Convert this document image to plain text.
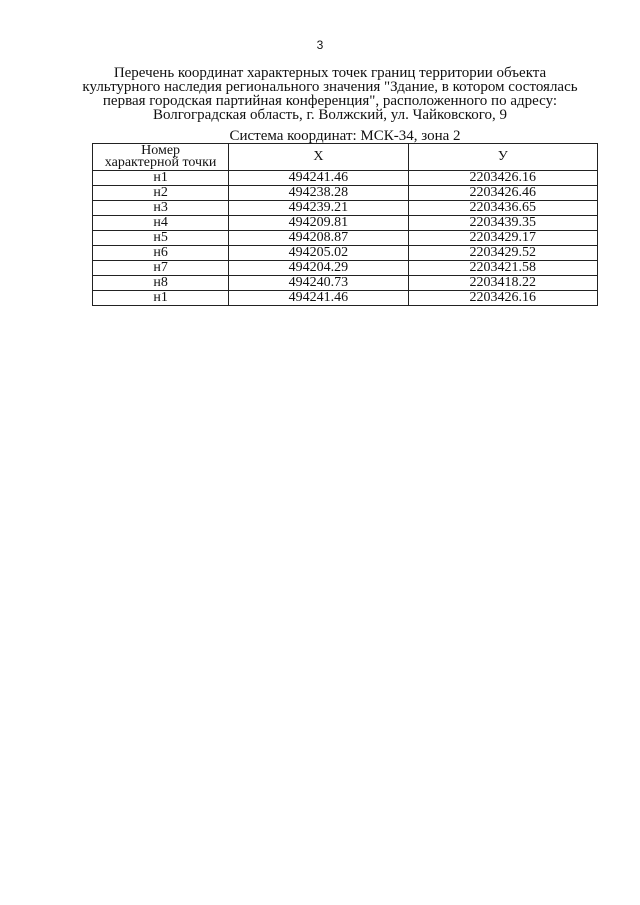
3
Перечень координат характерных точек границ территории объекта
культурного наследия регионального значения "Здание, в котором состоялась
первая городская партийная конференция", расположенного по адресу:
Волгоградская область, г. Волжский, ул. Чайковского, 9
Система координат: МСК-34, зона 2
Номер
характерной точки	X	У
н1	494241.46	2203426.16
н2	494238.28	2203426.46
н3	494239.21	2203436.65
н4	494209.81	2203439.35
н5	494208.87	2203429.17
н6	494205.02	2203429.52
н7	494204.29	2203421.58
н8	494240.73	2203418.22
н1	494241.46	2203426.16
